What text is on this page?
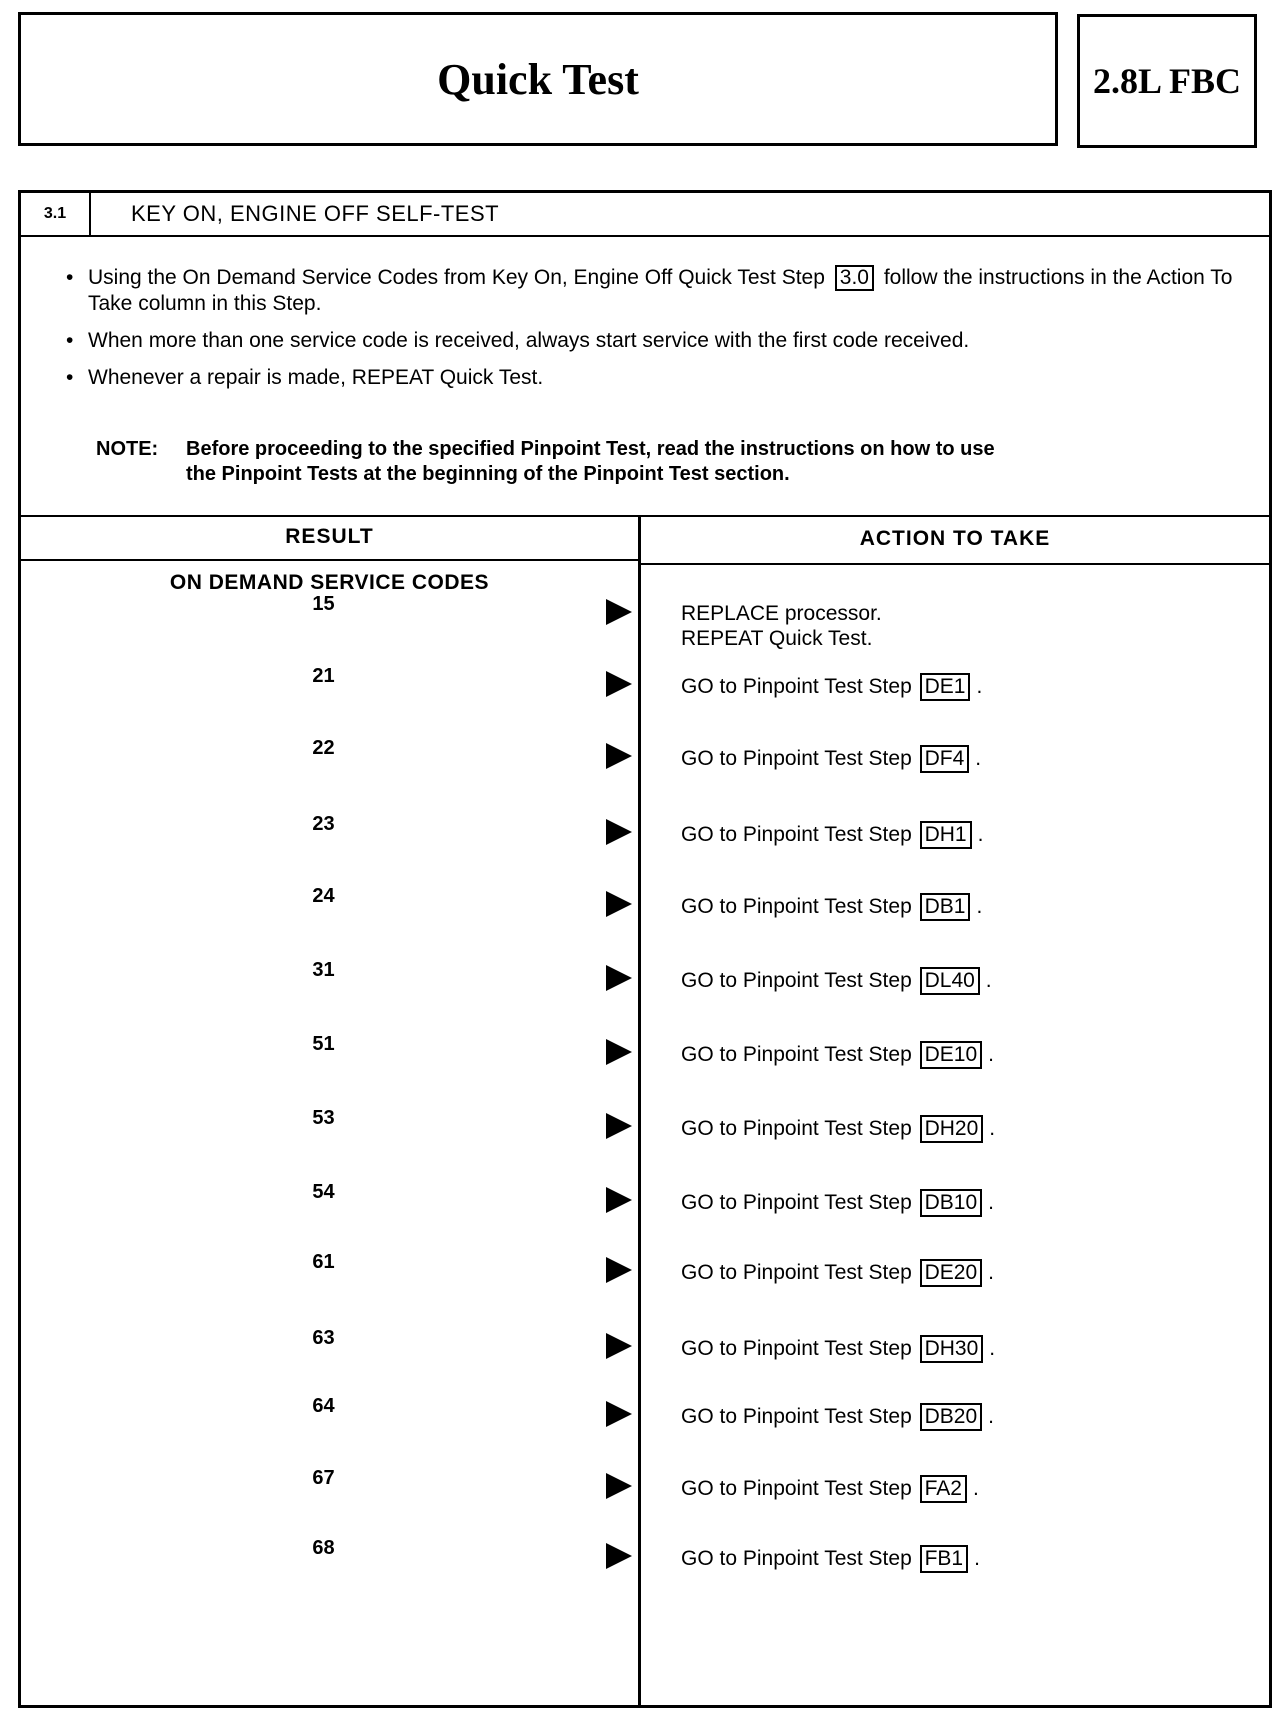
Quick Test	2.8L FBC
3.1	KEY ON, ENGINE OFF SELF-TEST
• Using the On Demand Service Codes from Key On, Engine Off Quick Test Step 3.0 follow the instructions in the Action To Take column in this Step.
• When more than one service code is received, always start service with the first code received.
• Whenever a repair is made, REPEAT Quick Test.
NOTE: Before proceeding to the specified Pinpoint Test, read the instructions on how to use
the Pinpoint Tests at the beginning of the Pinpoint Test section.
RESULT	ACTION TO TAKE
ON DEMAND SERVICE CODES
15	REPLACE processor.
REPEAT Quick Test.
21	GO to Pinpoint Test Step DE1 .
22	GO to Pinpoint Test Step DF4 .
23	GO to Pinpoint Test Step DH1 .
24	GO to Pinpoint Test Step DB1 .
31	GO to Pinpoint Test Step DL40 .
51	GO to Pinpoint Test Step DE10 .
53	GO to Pinpoint Test Step DH20 .
54	GO to Pinpoint Test Step DB10 .
61	GO to Pinpoint Test Step DE20 .
63	GO to Pinpoint Test Step DH30 .
64	GO to Pinpoint Test Step DB20 .
67	GO to Pinpoint Test Step FA2 .
68	GO to Pinpoint Test Step FB1 .
